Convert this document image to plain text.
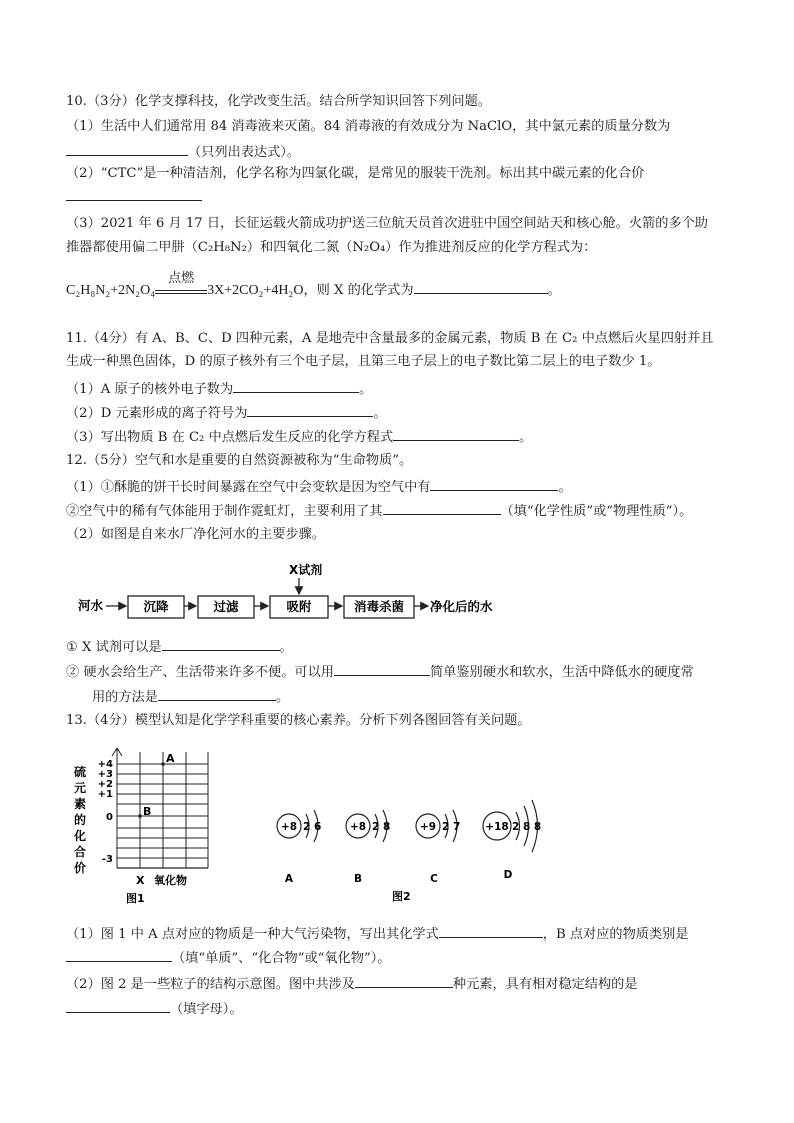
10.（3分）化学支撑科技，化学改变生活。结合所学知识回答下列问题。
（1）生活中人们通常用 84 消毒液来灭菌。84 消毒液的有效成分为 NaClO，其中氯元素的质量分数为
（只列出表达式）。
（2）“CTC”是一种清洁剂，化学名称为四氯化碳，是常见的服装干洗剂。标出其中碳元素的化合价
（3）2021 年 6 月 17 日，长征运载火箭成功护送三位航天员首次进驻中国空间站天和核心舱。火箭的多个助
推器都使用偏二甲肼（C₂H₈N₂）和四氧化二氮（N₂O₄）作为推进剂反应的化学方程式为：
C₂H₈N₂+2N₂O₄
点燃
3X+2CO₂+4H₂O，则 X 的化学式为	。
11.（4分）有 A、B、C、D 四种元素，A 是地壳中含量最多的金属元素，物质 B 在 C₂ 中点燃后火星四射并且
生成一种黑色固体，D 的原子核外有三个电子层，且第三电子层上的电子数比第二层上的电子数少 1。
（1）A 原子的核外电子数为	。
（2）D 元素形成的离子符号为	。
（3）写出物质 B 在 C₂ 中点燃后发生反应的化学方程式	。
12.（5分）空气和水是重要的自然资源被称为“生命物质”。
（1）①酥脆的饼干长时间暴露在空气中会变软是因为空气中有	。
②空气中的稀有气体能用于制作霓虹灯，主要利用了其	（填“化学性质”或“物理性质”）。
（2）如图是自来水厂净化河水的主要步骤。
X试剂
河水	沉降	过滤	吸附	消毒杀菌 净化后的水
① X 试剂可以是	。
② 硬水会给生产、生活带来许多不便。可以用	简单鉴别硬水和软水，生活中降低水的硬度常
用的方法是	。
13.（4分）模型认知是化学学科重要的核心素养。分析下列各图回答有关问题。
硫
元
素
的
化
合
价
+4
+3
+2
+1
0
-3
A
B
X 氧化物
图1
+8 2 6
A
+8 2 8
B
+9 2 7
C
+18 2 8 8
D
图2
（1）图 1 中 A 点对应的物质是一种大气污染物，写出其化学式	，B 点对应的物质类别是
（填“单质”、“化合物”或“氧化物”）。
（2）图 2 是一些粒子的结构示意图。图中共涉及	种元素，具有相对稳定结构的是
（填字母）。
